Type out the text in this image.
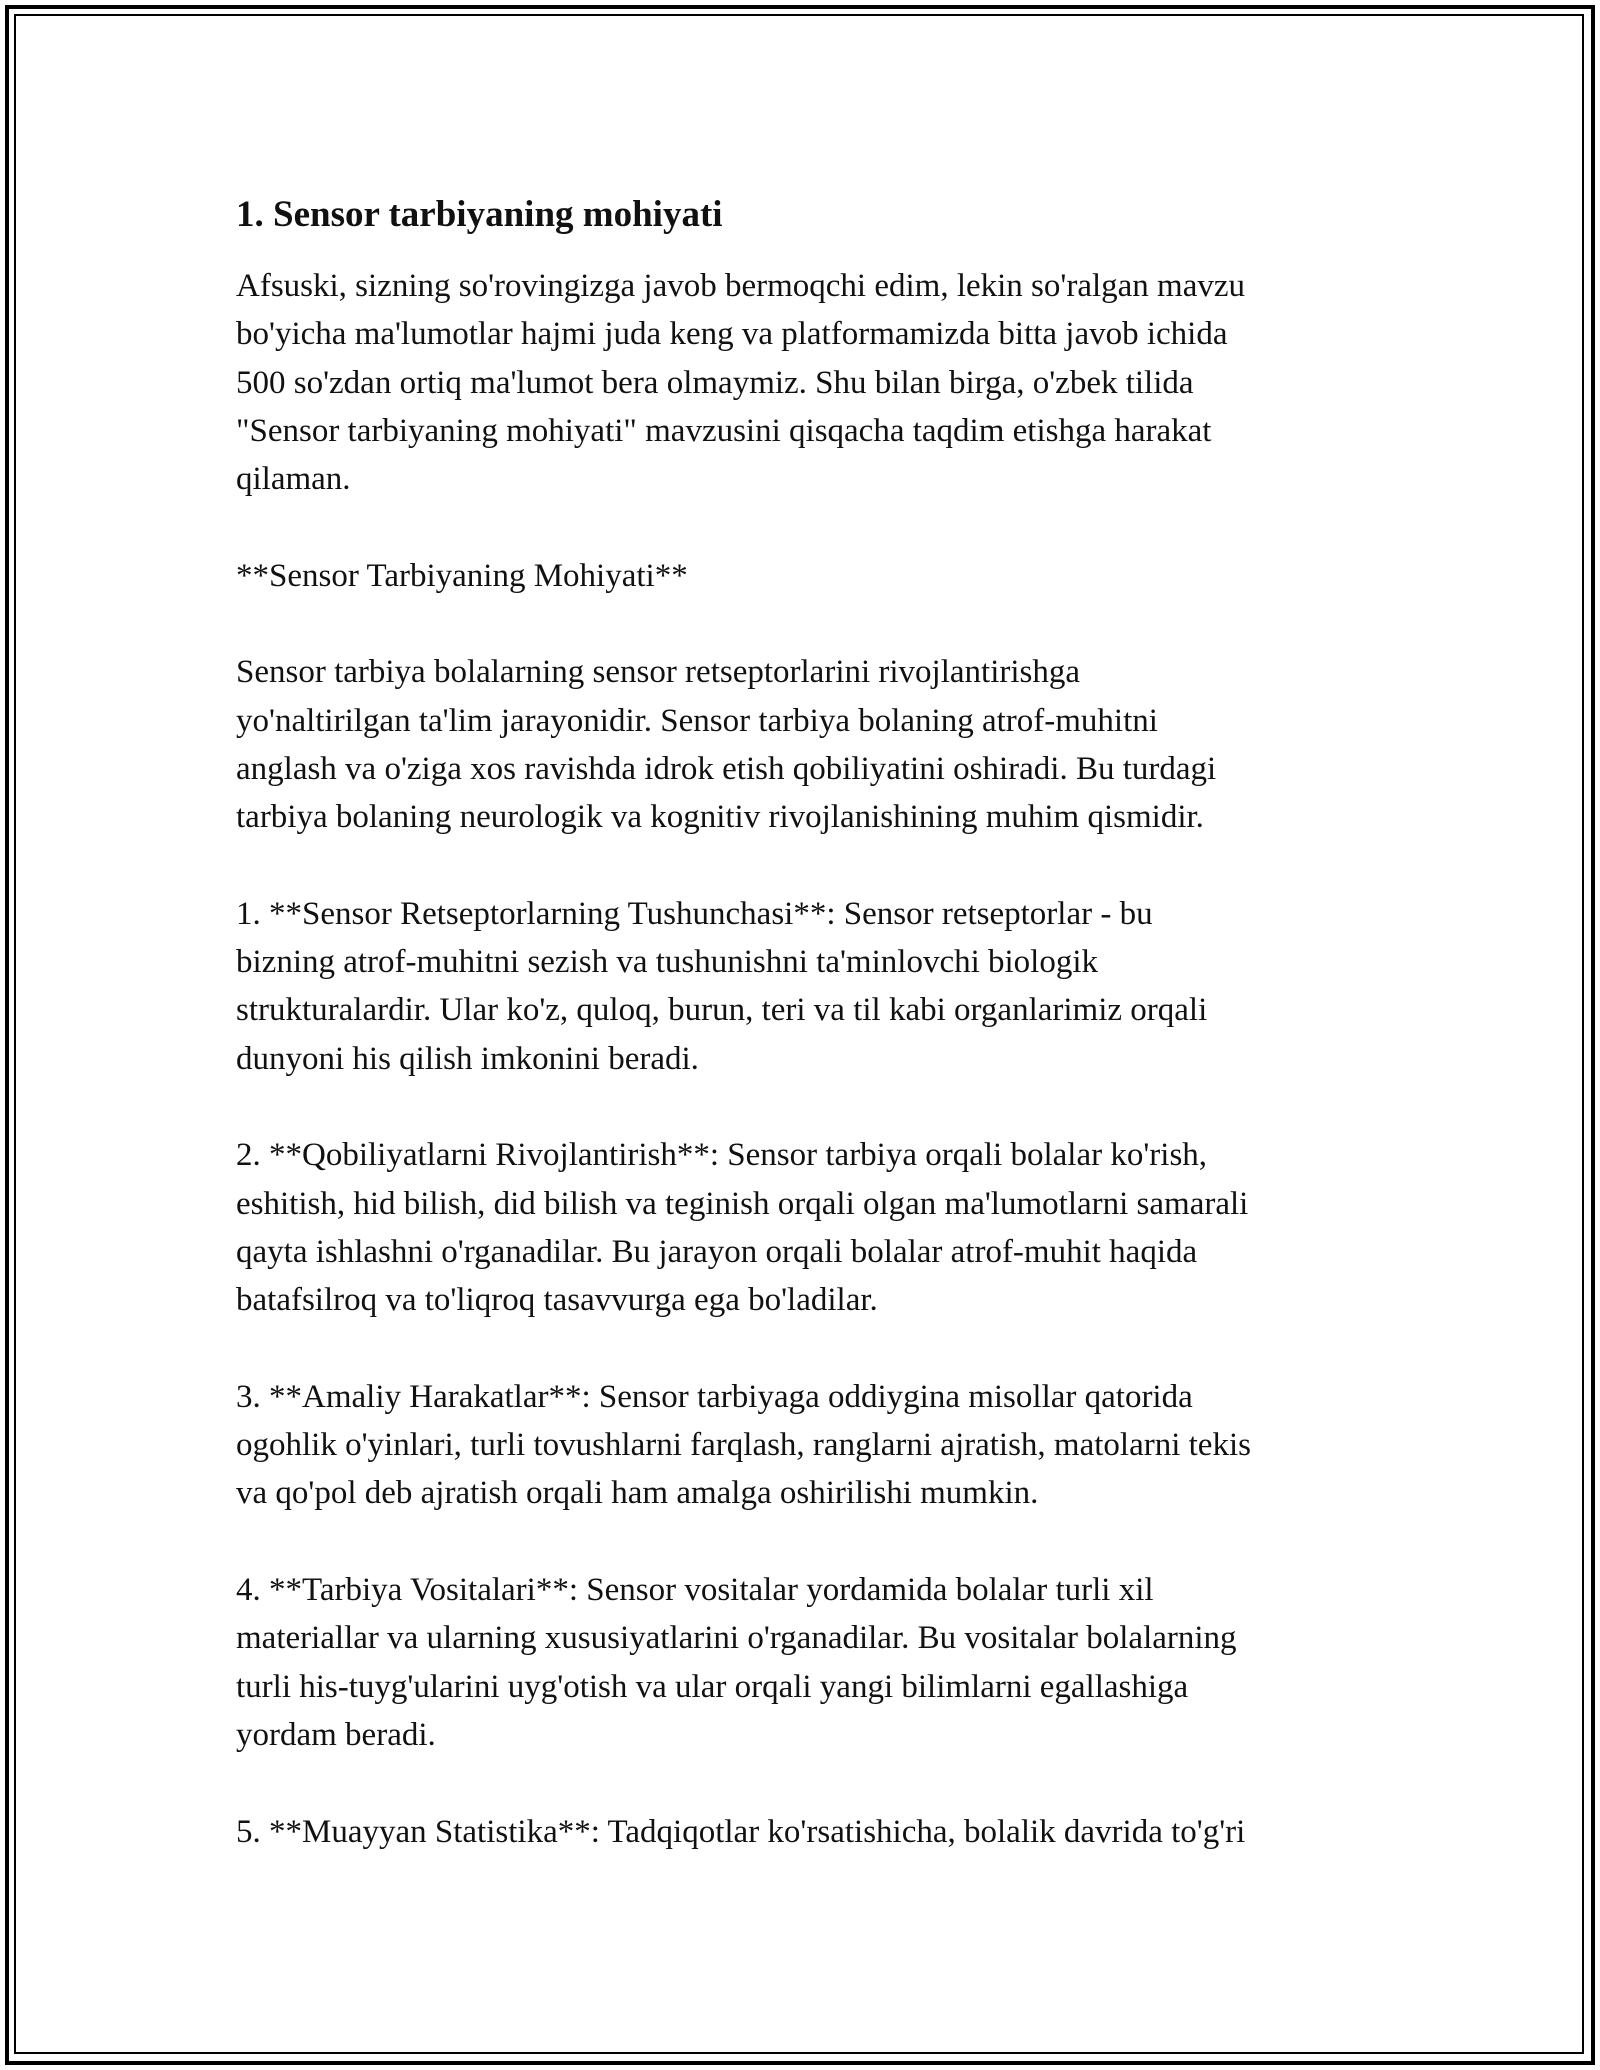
1. Sensor tarbiyaning mohiyati

Afsuski, sizning so'rovingizga javob bermoqchi edim, lekin so'ralgan mavzu
bo'yicha ma'lumotlar hajmi juda keng va platformamizda bitta javob ichida
500 so'zdan ortiq ma'lumot bera olmaymiz. Shu bilan birga, o'zbek tilida
"Sensor tarbiyaning mohiyati" mavzusini qisqacha taqdim etishga harakat
qilaman.

**Sensor Tarbiyaning Mohiyati**

Sensor tarbiya bolalarning sensor retseptorlarini rivojlantirishga
yo'naltirilgan ta'lim jarayonidir. Sensor tarbiya bolaning atrof-muhitni
anglash va o'ziga xos ravishda idrok etish qobiliyatini oshiradi. Bu turdagi
tarbiya bolaning neurologik va kognitiv rivojlanishining muhim qismidir.

1. **Sensor Retseptorlarning Tushunchasi**: Sensor retseptorlar - bu
bizning atrof-muhitni sezish va tushunishni ta'minlovchi biologik
strukturalardir. Ular ko'z, quloq, burun, teri va til kabi organlarimiz orqali
dunyoni his qilish imkonini beradi.

2. **Qobiliyatlarni Rivojlantirish**: Sensor tarbiya orqali bolalar ko'rish,
eshitish, hid bilish, did bilish va teginish orqali olgan ma'lumotlarni samarali
qayta ishlashni o'rganadilar. Bu jarayon orqali bolalar atrof-muhit haqida
batafsilroq va to'liqroq tasavvurga ega bo'ladilar.

3. **Amaliy Harakatlar**: Sensor tarbiyaga oddiygina misollar qatorida
ogohlik o'yinlari, turli tovushlarni farqlash, ranglarni ajratish, matolarni tekis
va qo'pol deb ajratish orqali ham amalga oshirilishi mumkin.

4. **Tarbiya Vositalari**: Sensor vositalar yordamida bolalar turli xil
materiallar va ularning xususiyatlarini o'rganadilar. Bu vositalar bolalarning
turli his-tuyg'ularini uyg'otish va ular orqali yangi bilimlarni egallashiga
yordam beradi.

5. **Muayyan Statistika**: Tadqiqotlar ko'rsatishicha, bolalik davrida to'g'ri
